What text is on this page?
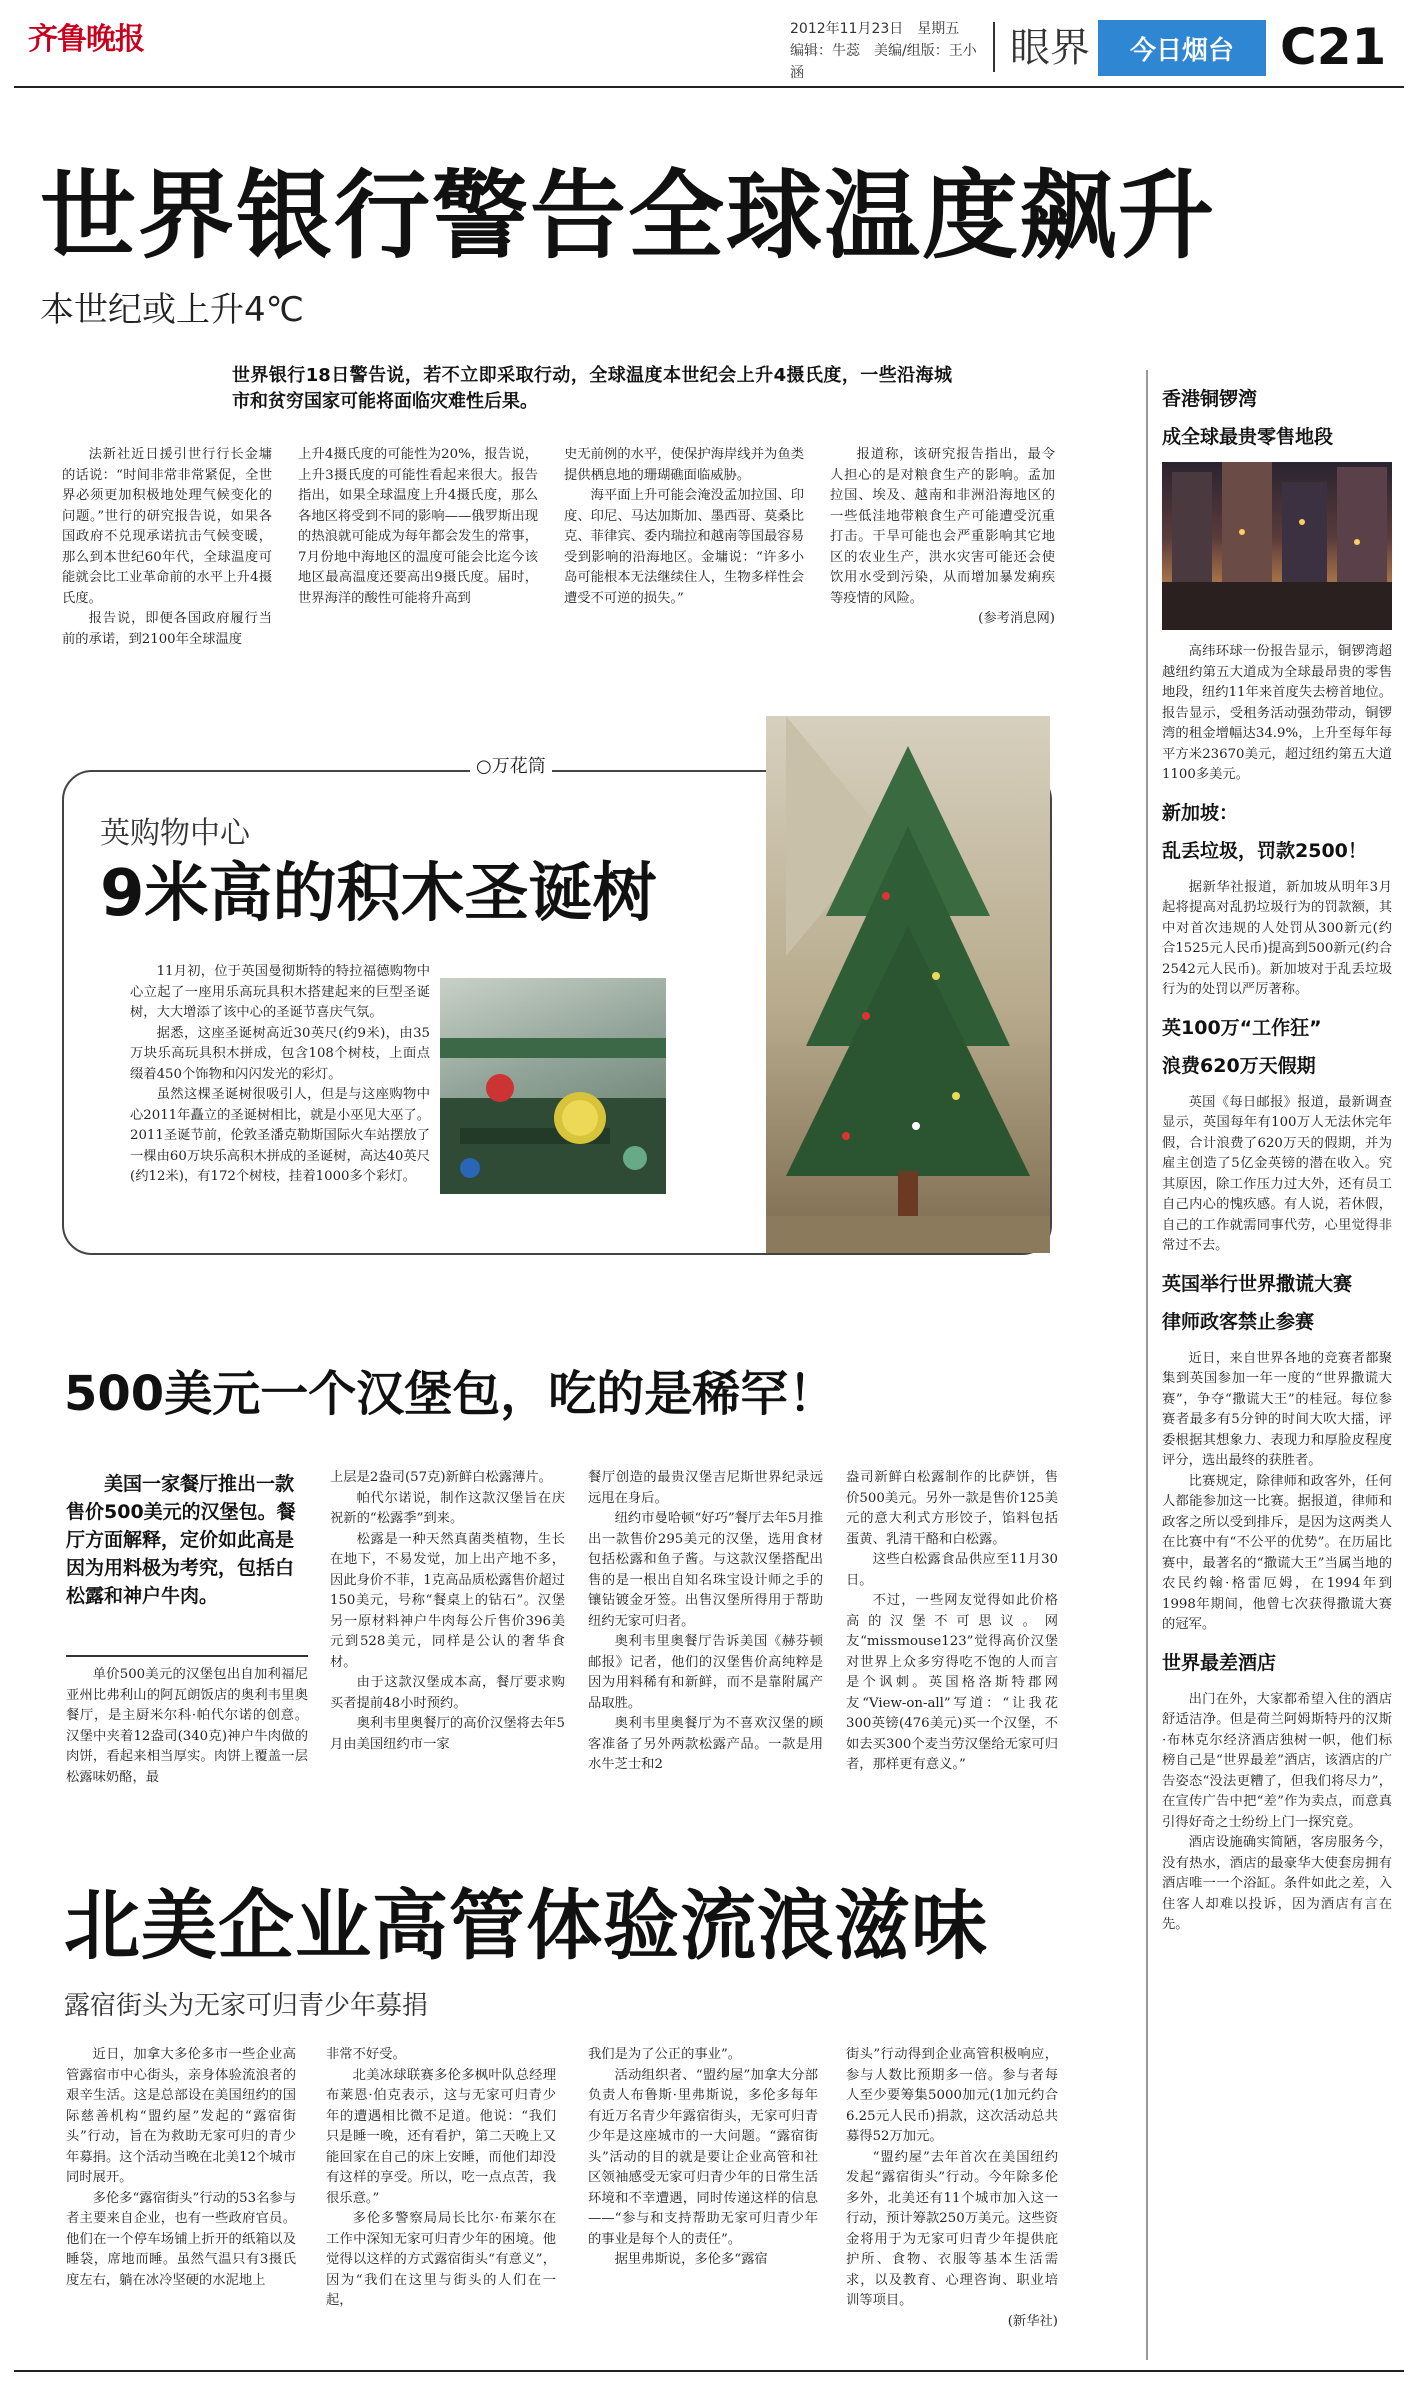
齐鲁晚报	2012年11月23日　 星期五
编辑：牛蕊　美编/组版：王小涵
眼界	今日烟台 C21
世界银行警告全球温度飙升
本世纪或上升4℃
世界银行18日警告说，若不立即采取行动，全球温度本世纪会上升4摄氏度，一些沿海城市和贫穷国家可能将面临灾难性后果。

法新社近日援引世行行长金墉的话说：“时间非常非常紧促，全世界必须更加积极地处理气候变化的问题。”世行的研究报告说，如果各国政府不兑现承诺抗击气候变暖，那么到本世纪60年代，全球温度可能就会比工业革命前的水平上升4摄氏度。

报告说，即便各国政府履行当前的承诺，到2100年全球温度

上升4摄氏度的可能性为20%，报告说，上升3摄氏度的可能性看起来很大。报告指出，如果全球温度上升4摄氏度，那么各地区将受到不同的影响——俄罗斯出现的热浪就可能成为每年都会发生的常事，7月份地中海地区的温度可能会比迄今该地区最高温度还要高出9摄氏度。届时，世界海洋的酸性可能将升高到

史无前例的水平，使保护海岸线并为鱼类提供栖息地的珊瑚礁面临威胁。

海平面上升可能会淹没孟加拉国、印度、印尼、马达加斯加、墨西哥、莫桑比克、菲律宾、委内瑞拉和越南等国最容易受到影响的沿海地区。金墉说：“许多小岛可能根本无法继续住人，生物多样性会遭受不可逆的损失。”

报道称，该研究报告指出，最令人担心的是对粮食生产的影响。孟加拉国、埃及、越南和非洲沿海地区的一些低洼地带粮食生产可能遭受沉重打击。干旱可能也会严重影响其它地区的农业生产，洪水灾害可能还会使饮用水受到污染，从而增加暴发痢疾等疫情的风险。

(参考消息网)

○万花筒
英购物中心
9米高的积木圣诞树

11月初，位于英国曼彻斯特的特拉福德购物中心立起了一座用乐高玩具积木搭建起来的巨型圣诞树，大大增添了该中心的圣诞节喜庆气氛。

据悉，这座圣诞树高近30英尺(约9米)，由35万块乐高玩具积木拼成，包含108个树枝，上面点缀着450个饰物和闪闪发光的彩灯。

虽然这棵圣诞树很吸引人，但是与这座购物中心2011年矗立的圣诞树相比，就是小巫见大巫了。2011圣诞节前，伦敦圣潘克勒斯国际火车站摆放了一棵由60万块乐高积木拼成的圣诞树，高达40英尺(约12米)，有172个树枝，挂着1000多个彩灯。

500美元一个汉堡包，吃的是稀罕！
美国一家餐厅推出一款售价500美元的汉堡包。餐厅方面解释，定价如此高是因为用料极为考究，包括白松露和神户牛肉。

单价500美元的汉堡包出自加利福尼亚州比弗利山的阿瓦朗饭店的奥利韦里奥餐厅，是主厨米尔科·帕代尔诺的创意。汉堡中夹着12盎司(340克)神户牛肉做的肉饼，看起来相当厚实。肉饼上覆盖一层松露味奶酪，最

上层是2盎司(57克)新鲜白松露薄片。

帕代尔诺说，制作这款汉堡旨在庆祝新的“松露季”到来。

松露是一种天然真菌类植物，生长在地下，不易发觉，加上出产地不多，因此身价不菲，1克高品质松露售价超过150美元，号称“餐桌上的钻石”。汉堡另一原材料神户牛肉每公斤售价396美元到528美元，同样是公认的奢华食材。

由于这款汉堡成本高，餐厅要求购买者提前48小时预约。

奥利韦里奥餐厅的高价汉堡将去年5月由美国纽约市一家

餐厅创造的最贵汉堡吉尼斯世界纪录远远甩在身后。

纽约市曼哈顿“好巧”餐厅去年5月推出一款售价295美元的汉堡，选用食材包括松露和鱼子酱。与这款汉堡搭配出售的是一根出自知名珠宝设计师之手的镶钻镀金牙签。出售汉堡所得用于帮助纽约无家可归者。

奥利韦里奥餐厅告诉美国《赫芬顿邮报》记者，他们的汉堡售价高纯粹是因为用料稀有和新鲜，而不是靠附属产品取胜。

奥利韦里奥餐厅为不喜欢汉堡的顾客准备了另外两款松露产品。一款是用水牛芝士和2

盎司新鲜白松露制作的比萨饼，售价500美元。另外一款是售价125美元的意大利式方形饺子，馅料包括蛋黄、乳清干酪和白松露。

这些白松露食品供应至11月30日。

不过，一些网友觉得如此价格高的汉堡不可思议。网友“missmouse123”觉得高价汉堡对世界上众多穷得吃不饱的人而言是个讽刺。英国格洛斯特郡网友“View-on-all”写道：“让我花300英镑(476美元)买一个汉堡，不如去买300个麦当劳汉堡给无家可归者，那样更有意义。”

北美企业高管体验流浪滋味
露宿街头为无家可归青少年募捐

近日，加拿大多伦多市一些企业高管露宿市中心街头，亲身体验流浪者的艰辛生活。这是总部设在美国纽约的国际慈善机构“盟约屋”发起的“露宿街头”行动，旨在为救助无家可归的青少年募捐。这个活动当晚在北美12个城市同时展开。

多伦多“露宿街头”行动的53名参与者主要来自企业，也有一些政府官员。他们在一个停车场铺上折开的纸箱以及睡袋，席地而睡。虽然气温只有3摄氏度左右，躺在冰冷坚硬的水泥地上

非常不好受。

北美冰球联赛多伦多枫叶队总经理布莱恩·伯克表示，这与无家可归青少年的遭遇相比微不足道。他说：“我们只是睡一晚，还有看护，第二天晚上又能回家在自己的床上安睡，而他们却没有这样的享受。所以，吃一点点苦，我很乐意。”

多伦多警察局局长比尔·布莱尔在工作中深知无家可归青少年的困境。他觉得以这样的方式露宿街头“有意义”，因为“我们在这里与街头的人们在一起，

我们是为了公正的事业”。

活动组织者、“盟约屋”加拿大分部负责人布鲁斯·里弗斯说，多伦多每年有近万名青少年露宿街头，无家可归青少年是这座城市的一大问题。“露宿街头”活动的目的就是要让企业高管和社区领袖感受无家可归青少年的日常生活环境和不幸遭遇，同时传递这样的信息——“参与和支持帮助无家可归青少年的事业是每个人的责任”。

据里弗斯说，多伦多“露宿

街头”行动得到企业高管积极响应，参与人数比预期多一倍。参与者每人至少要筹集5000加元(1加元约合6.25元人民币)捐款，这次活动总共募得52万加元。

“盟约屋”去年首次在美国纽约发起“露宿街头”行动。今年除多伦多外，北美还有11个城市加入这一行动，预计筹款250万美元。这些资金将用于为无家可归青少年提供庇护所、食物、衣服等基本生活需求，以及教育、心理咨询、职业培训等项目。

(新华社)

香港铜锣湾
成全球最贵零售地段

高纬环球一份报告显示，铜锣湾超越纽约第五大道成为全球最昂贵的零售地段，纽约11年来首度失去榜首地位。报告显示，受租务活动强劲带动，铜锣湾的租金增幅达34.9%，上升至每年每平方米23670美元，超过纽约第五大道1100多美元。

新加坡：
乱丢垃圾，罚款2500！

据新华社报道，新加坡从明年3月起将提高对乱扔垃圾行为的罚款额，其中对首次违规的人处罚从300新元(约合1525元人民币)提高到500新元(约合2542元人民币)。新加坡对于乱丢垃圾行为的处罚以严厉著称。

英100万“工作狂”
浪费620万天假期

英国《每日邮报》报道，最新调查显示，英国每年有100万人无法休完年假，合计浪费了620万天的假期，并为雇主创造了5亿金英镑的潜在收入。究其原因，除工作压力过大外，还有员工自己内心的愧疚感。有人说，若休假，自己的工作就需同事代劳，心里觉得非常过不去。

英国举行世界撒谎大赛
律师政客禁止参赛

近日，来自世界各地的竞赛者都聚集到英国参加一年一度的“世界撒谎大赛”，争夺“撒谎大王”的桂冠。每位参赛者最多有5分钟的时间大吹大擂，评委根据其想象力、表现力和厚脸皮程度评分，选出最终的获胜者。

比赛规定，除律师和政客外，任何人都能参加这一比赛。据报道，律师和政客之所以受到排斥，是因为这两类人在比赛中有“不公平的优势”。在历届比赛中，最著名的“撒谎大王”当属当地的农民约翰·格雷厄姆，在1994年到1998年期间，他曾七次获得撒谎大赛的冠军。

世界最差酒店

出门在外，大家都希望入住的酒店舒适洁净。但是荷兰阿姆斯特丹的汉斯·布林克尔经济酒店独树一帜，他们标榜自己是“世界最差”酒店，该酒店的广告姿态“没法更糟了，但我们将尽力”，在宣传广告中把“差”作为卖点，而意真引得好奇之士纷纷上门一探究竟。

酒店设施确实简陋，客房服务今，没有热水，酒店的最豪华大使套房拥有酒店唯一一个浴缸。条件如此之差，入住客人却难以投诉，因为酒店有言在先。
